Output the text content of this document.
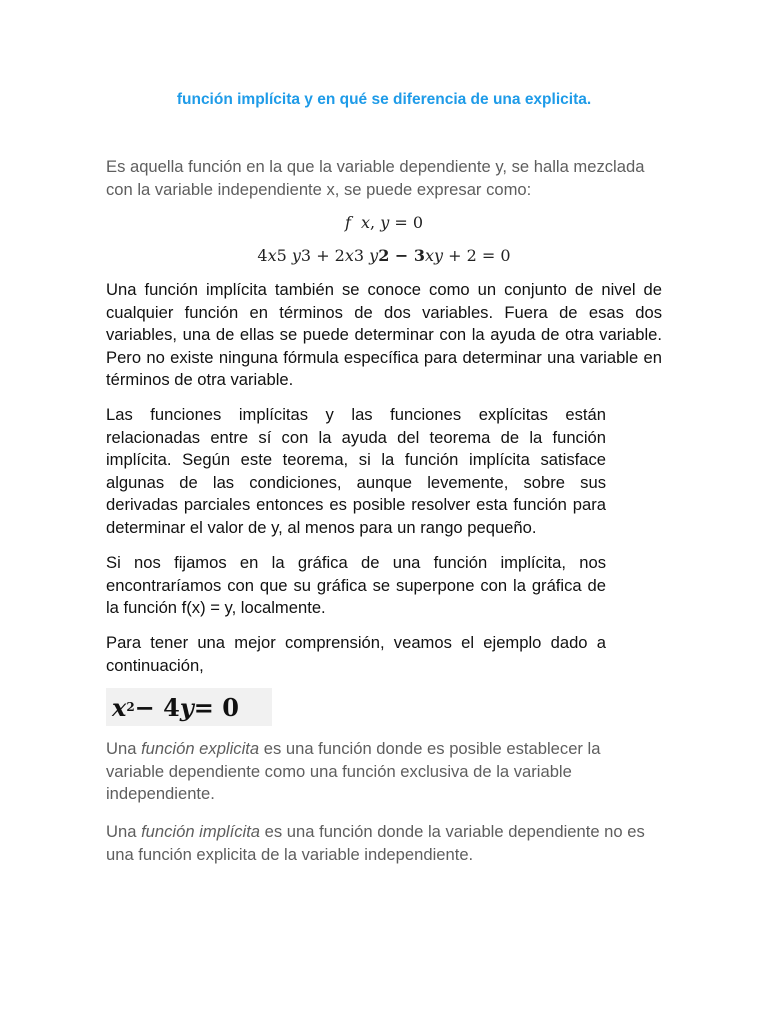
función implícita y en qué se diferencia de una explicita.

Es aquella función en la que la variable dependiente y, se halla mezclada con la variable independiente x, se puede expresar como:

f x, y = 0
4x5 y3 + 2x3 y2 − 3xy + 2 = 0

Una función implícita también se conoce como un conjunto de nivel de cualquier función en términos de dos variables. Fuera de esas dos variables, una de ellas se puede determinar con la ayuda de otra variable. Pero no existe ninguna fórmula específica para determinar una variable en términos de otra variable.

Las funciones implícitas y las funciones explícitas están relacionadas entre sí con la ayuda del teorema de la función implícita. Según este teorema, si la función implícita satisface algunas de las condiciones, aunque levemente, sobre sus derivadas parciales entonces es posible resolver esta función para determinar el valor de y, al menos para un rango pequeño.

Si nos fijamos en la gráfica de una función implícita, nos encontraríamos con que su gráfica se superpone con la gráfica de la función f(x) = y, localmente.

Para tener una mejor comprensión, veamos el ejemplo dado a continuación,

x 2 − 4 y = 0

Una función explicita es una función donde es posible establecer la variable dependiente como una función exclusiva de la variable independiente.

Una función implícita es una función donde la variable dependiente no es una función explicita de la variable independiente.
